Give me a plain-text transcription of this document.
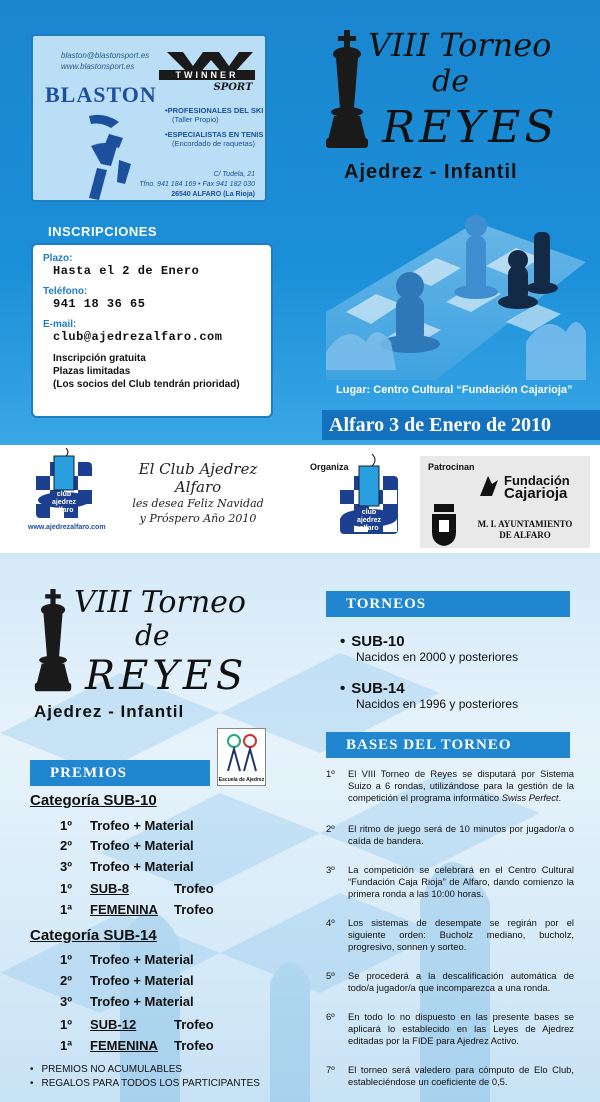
blaston@blastonsport.es
www.blastonsport.es
TWINNER
SPORT
BLASTON
•PROFESIONALES DEL SKI
(Taller Propio)
•ESPECIALISTAS EN TENIS
(Encordado de raquetas)
C/ Tudela, 21
Tfno. 941 184 169 • Fax 941 182 030
26540 ALFARO (La Rioja)
INSCRIPCIONES
Plazo:
Hasta el 2 de Enero
Teléfono:
941 18 36 65
E-mail:
club@ajedrezalfaro.com
Inscripción gratuita
Plazas limitadas
(Los socios del Club tendrán prioridad)
VIII Torneo
de
REYES
Ajedrez - Infantil
Lugar: Centro Cultural “Fundación Cajarioja”
Alfaro 3 de Enero de 2010
club
ajedrez
alfaro
www.ajedrezalfaro.com
El Club Ajedrez Alfaro
les desea Feliz Navidad
y Próspero Año 2010
Organiza
club
ajedrez
alfaro
Patrocinan
Fundación
Cajarioja
M. I. AYUNTAMIENTO
DE ALFARO
VIII Torneo
de
REYES
Ajedrez - Infantil
Escuela de Ajedrez
PREMIOS
Categoría SUB-10
1º	Trofeo + Material
2º	Trofeo + Material
3º	Trofeo + Material
1º	SUB-8	Trofeo
1ª	FEMENINA Trofeo
Categoría SUB-14
1º	Trofeo + Material
2º	Trofeo + Material
3º	Trofeo + Material
1º	SUB-12	Trofeo
1ª	FEMENINA Trofeo
• PREMIOS NO ACUMULABLES
• REGALOS PARA TODOS LOS PARTICIPANTES
TORNEOS
• SUB-10
Nacidos en 2000 y posteriores
• SUB-14
Nacidos en 1996 y posteriores
BASES DEL TORNEO
1º El VIII Torneo de Reyes se disputará por Sistema Suizo a 6 rondas, utilizándose para la gestión de la competición el programa informático Swiss Perfect.
2º El ritmo de juego será de 10 minutos por jugador/a o caída de bandera.
3º La competición se celebrará en el Centro Cultural “Fundación Caja Rioja” de Alfaro, dando comienzo la primera ronda a las 10:00 horas.
4º Los sistemas de desempate se regirán por el siguiente orden: Bucholz mediano, bucholz, progresivo, sonnen y sorteo.
5º Se procederá a la descalificación automática de todo/a jugador/a que incomparezca a una ronda.
6º En todo lo no dispuesto en las presente bases se aplicará lo establecido en las Leyes de Ajedrez editadas por la FIDE para Ajedrez Activo.
7º El torneo será valedero para cómputo de Elo Club, estableciéndose un coeficiente de 0,5.
